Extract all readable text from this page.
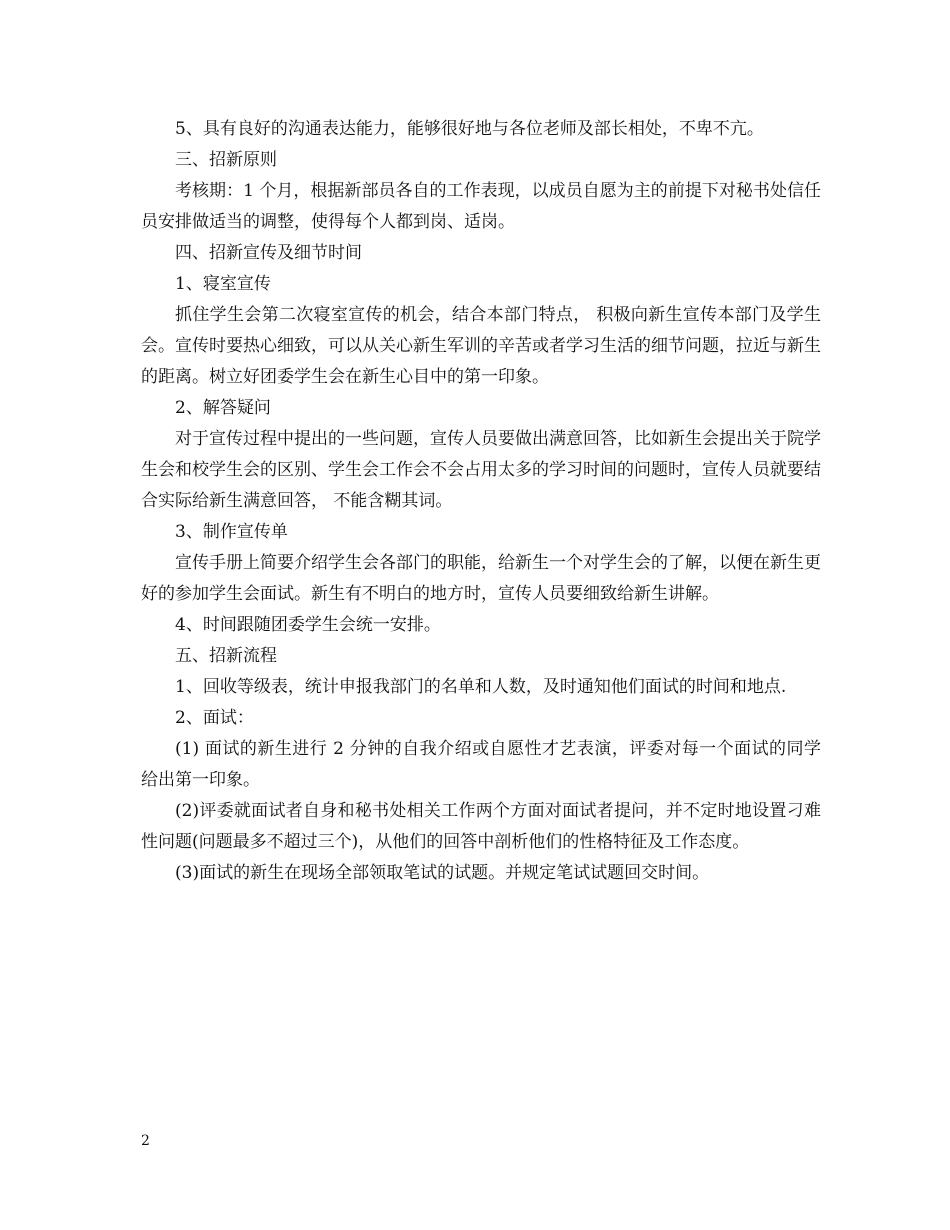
5、具有良好的沟通表达能力，能够很好地与各位老师及部长相处，不卑不亢。

三、招新原则

考核期：1 个月，根据新部员各自的工作表现，以成员自愿为主的前提下对秘书处信任员安排做适当的调整，使得每个人都到岗、适岗。

四、招新宣传及细节时间

1、寝室宣传

抓住学生会第二次寝室宣传的机会，结合本部门特点， 积极向新生宣传本部门及学生会。宣传时要热心细致，可以从关心新生军训的辛苦或者学习生活的细节问题，拉近与新生的距离。树立好团委学生会在新生心目中的第一印象。

2、解答疑问

对于宣传过程中提出的一些问题，宣传人员要做出满意回答，比如新生会提出关于院学生会和校学生会的区别、学生会工作会不会占用太多的学习时间的问题时，宣传人员就要结合实际给新生满意回答， 不能含糊其词。

3、制作宣传单

宣传手册上简要介绍学生会各部门的职能，给新生一个对学生会的了解，以便在新生更好的参加学生会面试。新生有不明白的地方时，宣传人员要细致给新生讲解。

4、时间跟随团委学生会统一安排。

五、招新流程

1、回收等级表，统计申报我部门的名单和人数，及时通知他们面试的时间和地点.

2、面试：

(1) 面试的新生进行 2 分钟的自我介绍或自愿性才艺表演，评委对每一个面试的同学给出第一印象。

(2)评委就面试者自身和秘书处相关工作两个方面对面试者提问，并不定时地设置刁难性问题(问题最多不超过三个)，从他们的回答中剖析他们的性格特征及工作态度。

(3)面试的新生在现场全部领取笔试的试题。并规定笔试试题回交时间。

2
